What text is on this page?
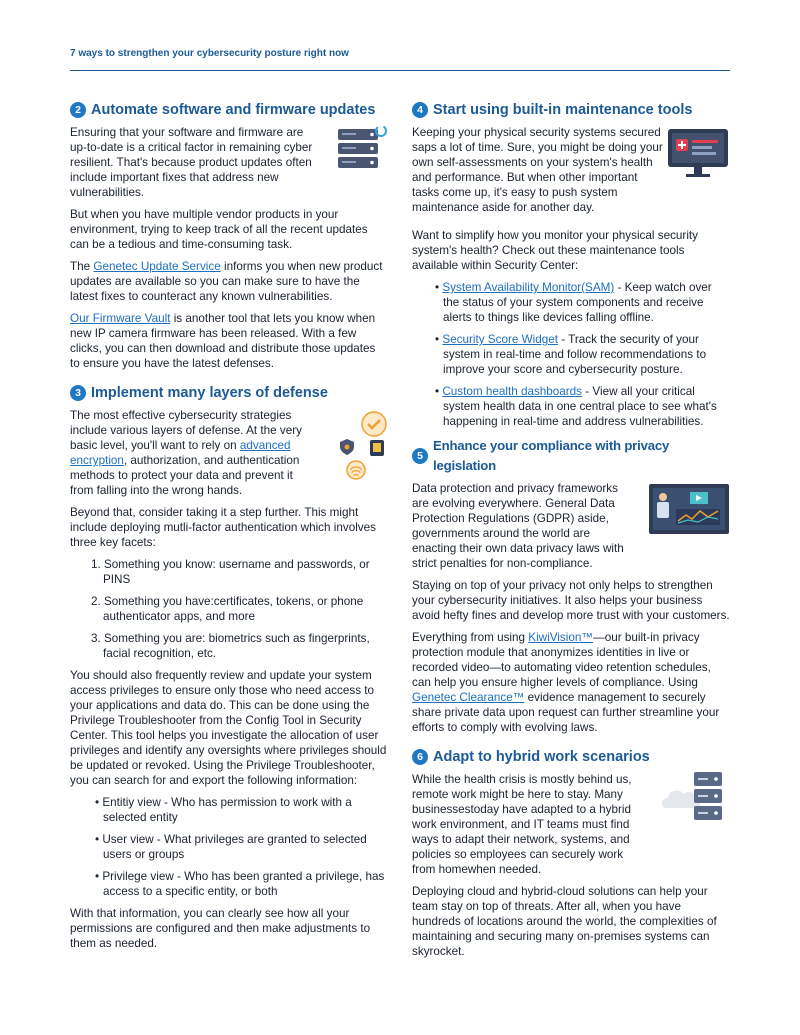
7 ways to strengthen your cybersecurity posture right now
2 Automate software and firmware updates

Ensuring that your software and firmware are up-to-date is a critical factor in remaining cyber resilient. That's because product updates often include important fixes that address new vulnerabilities.

But when you have multiple vendor products in your environment, trying to keep track of all the recent updates can be a tedious and time-consuming task.

The Genetec Update Service informs you when new product updates are available so you can make sure to have the latest fixes to counteract any known vulnerabilities.

Our Firmware Vault is another tool that lets you know when new IP camera firmware has been released. With a few clicks, you can then download and distribute those updates to ensure you have the latest defenses.

3 Implement many layers of defense

The most effective cybersecurity strategies include various layers of defense. At the very basic level, you'll want to rely on advanced encryption, authorization, and authentication methods to protect your data and prevent it from falling into the wrong hands.

Beyond that, consider taking it a step further. This might include deploying mutli-factor authentication which involves three key facets:

1. Something you know: username and passwords, or PINS
2. Something you have:certificates, tokens, or phone authenticator apps, and more
3. Something you are: biometrics such as fingerprints, facial recognition, etc.

You should also frequently review and update your system access privileges to ensure only those who need access to your applications and data do. This can be done using the Privilege Troubleshooter from the Config Tool in Security Center. This tool helps you investigate the allocation of user privileges and identify any oversights where privileges should be updated or revoked. Using the Privilege Troubleshooter, you can search for and export the following information:

• Entitiy view - Who has permission to work with a selected entity
• User view - What privileges are granted to selected users or groups
• Privilege view - Who has been granted a privilege, has access to a specific entity, or both

With that information, you can clearly see how all your permissions are configured and then make adjustments to them as needed.

4 Start using built-in maintenance tools

Keeping your physical security systems secured saps a lot of time. Sure, you might be doing your own self-assessments on your system's health and performance. But when other important tasks come up, it's easy to push system maintenance aside for another day.

Want to simplify how you monitor your physical security system's health? Check out these maintenance tools available within Security Center:

• System Availability Monitor(SAM) - Keep watch over the status of your system components and receive alerts to things like devices falling offline.
• Security Score Widget - Track the security of your system in real-time and follow recommendations to improve your score and cybersecurity posture.
• Custom health dashboards - View all your critical system health data in one central place to see what's happening in real-time and address vulnerabilities.
5
Enhance your compliance with privacy legislation

Data protection and privacy frameworks are evolving everywhere. General Data Protection Regulations (GDPR) aside, governments around the world are enacting their own data privacy laws with strict penalties for non-compliance.

Staying on top of your privacy not only helps to strengthen your cybersecurity initiatives. It also helps your business avoid hefty fines and develop more trust with your customers.

Everything from using KiwiVision™—our built-in privacy protection module that anonymizes identities in live or recorded video—to automating video retention schedules, can help you ensure higher levels of compliance. Using Genetec Clearance™ evidence management to securely share private data upon request can further streamline your efforts to comply with evolving laws.

6 Adapt to hybrid work scenarios

While the health crisis is mostly behind us, remote work might be here to stay. Many businessestoday have adapted to a hybrid work environment, and IT teams must find ways to adapt their network, systems, and policies so employees can securely work from homewhen needed.

Deploying cloud and hybrid-cloud solutions can help your team stay on top of threats. After all, when you have hundreds of locations around the world, the complexities of maintaining and securing many on-premises systems can skyrocket.
